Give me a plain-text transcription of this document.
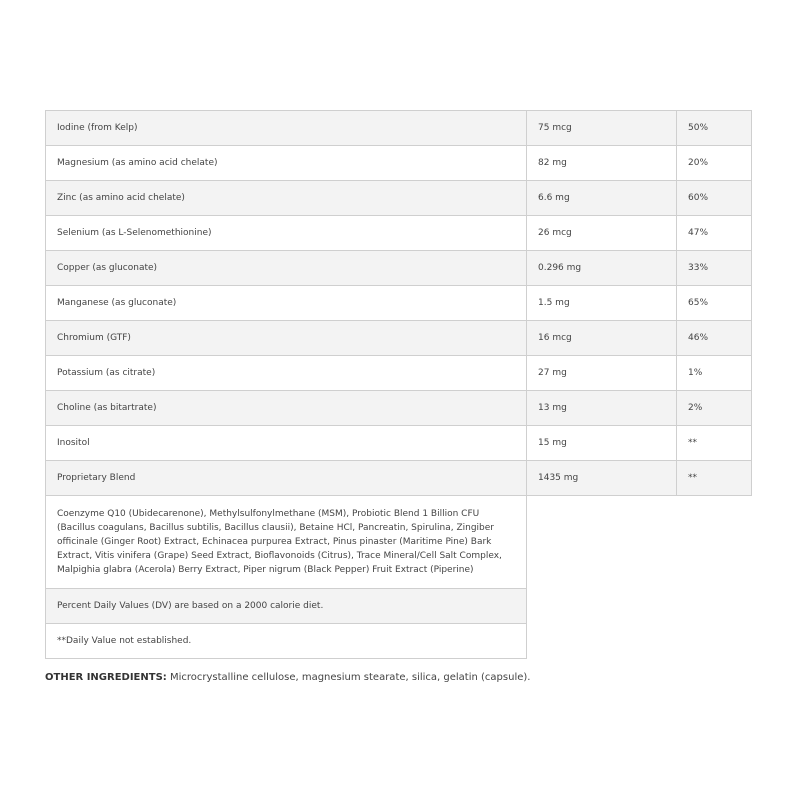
Iodine (from Kelp)	75 mcg	50%
Magnesium (as amino acid chelate)	82 mg	20%
Zinc (as amino acid chelate)	6.6 mg	60%
Selenium (as L-Selenomethionine)	26 mcg	47%
Copper (as gluconate)	0.296 mg	33%
Manganese (as gluconate)	1.5 mg	65%
Chromium (GTF)	16 mcg	46%
Potassium (as citrate)	27 mg	1%
Choline (as bitartrate)	13 mg	2%
Inositol	15 mg	**
Proprietary Blend	1435 mg	**
Coenzyme Q10 (Ubidecarenone), Methylsulfonylmethane (MSM), Probiotic Blend 1 Billion CFU (Bacillus coagulans, Bacillus subtilis, Bacillus clausii), Betaine HCl, Pancreatin, Spirulina, Zingiber officinale (Ginger Root) Extract, Echinacea purpurea Extract, Pinus pinaster (Maritime Pine) Bark Extract, Vitis vinifera (Grape) Seed Extract, Bioflavonoids (Citrus), Trace Mineral/Cell Salt Complex, Malpighia glabra (Acerola) Berry Extract, Piper nigrum (Black Pepper) Fruit Extract (Piperine)
Percent Daily Values (DV) are based on a 2000 calorie diet.
**Daily Value not established.
OTHER INGREDIENTS: Microcrystalline cellulose, magnesium stearate, silica, gelatin (capsule).
